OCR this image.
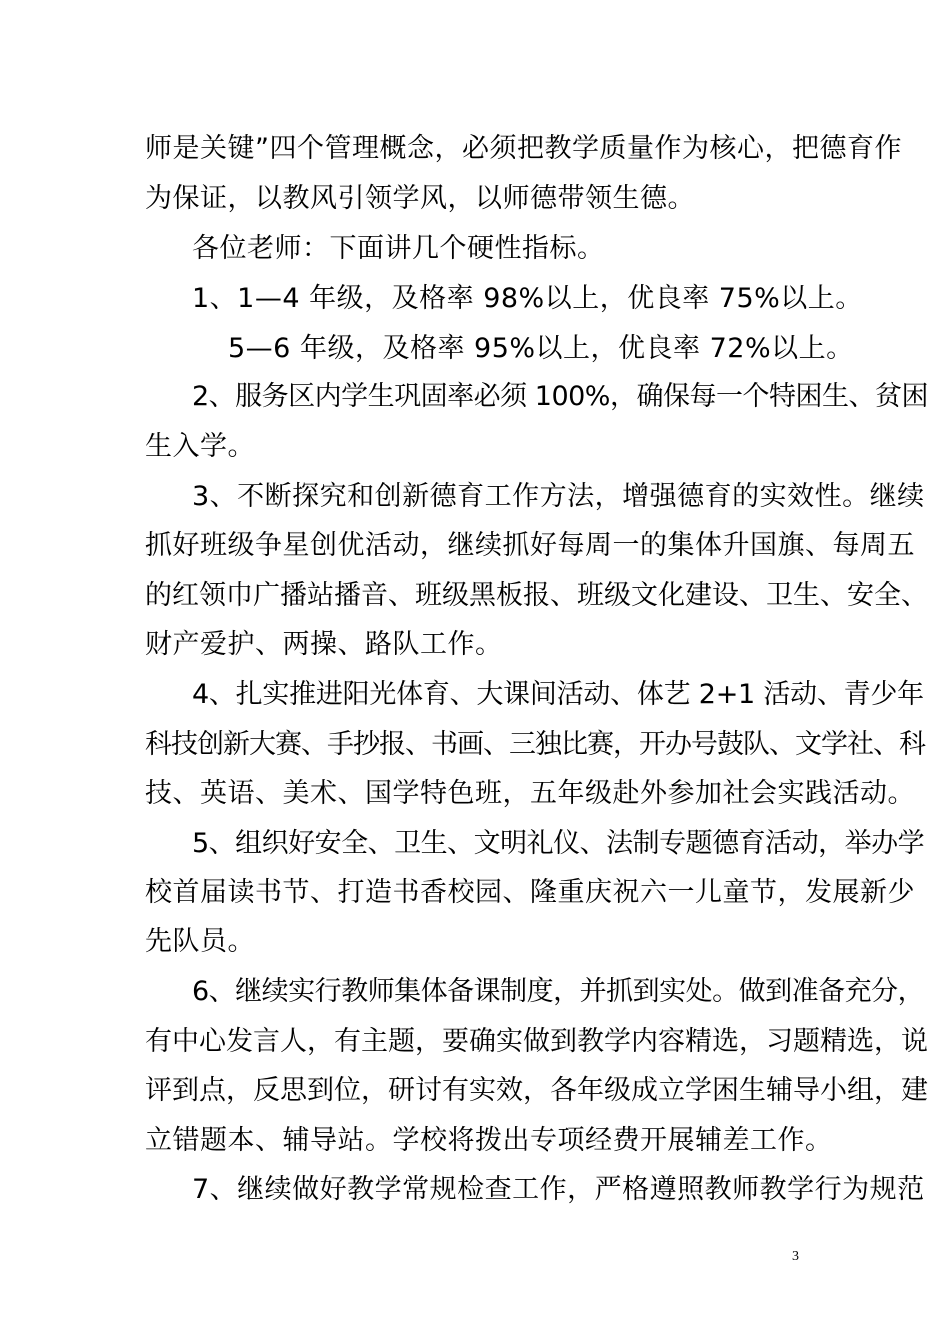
师是关键”四个管理概念，必须把教学质量作为核心，把德育作
为保证，以教风引领学风，以师德带领生德。
各位老师：下面讲几个硬性指标。
1、1—4 年级，及格率 98%以上，优良率 75%以上。
5—6 年级，及格率 95%以上，优良率 72%以上。
2、服务区内学生巩固率必须 100%，确保每一个特困生、贫困
生入学。
3、不断探究和创新德育工作方法，增强德育的实效性。继续
抓好班级争星创优活动，继续抓好每周一的集体升国旗、每周五
的红领巾广播站播音、班级黑板报、班级文化建设、卫生、安全、
财产爱护、两操、路队工作。
4、扎实推进阳光体育、大课间活动、体艺 2+1 活动、青少年
科技创新大赛、手抄报、书画、三独比赛，开办号鼓队、文学社、科
技、英语、美术、国学特色班，五年级赴外参加社会实践活动。
5、组织好安全、卫生、文明礼仪、法制专题德育活动，举办学
校首届读书节、打造书香校园、隆重庆祝六一儿童节，发展新少
先队员。
6、继续实行教师集体备课制度，并抓到实处。做到准备充分，
有中心发言人，有主题，要确实做到教学内容精选，习题精选，说
评到点，反思到位，研讨有实效，各年级成立学困生辅导小组，建
立错题本、辅导站。学校将拨出专项经费开展辅差工作。
7、继续做好教学常规检查工作，严格遵照教师教学行为规范
3
